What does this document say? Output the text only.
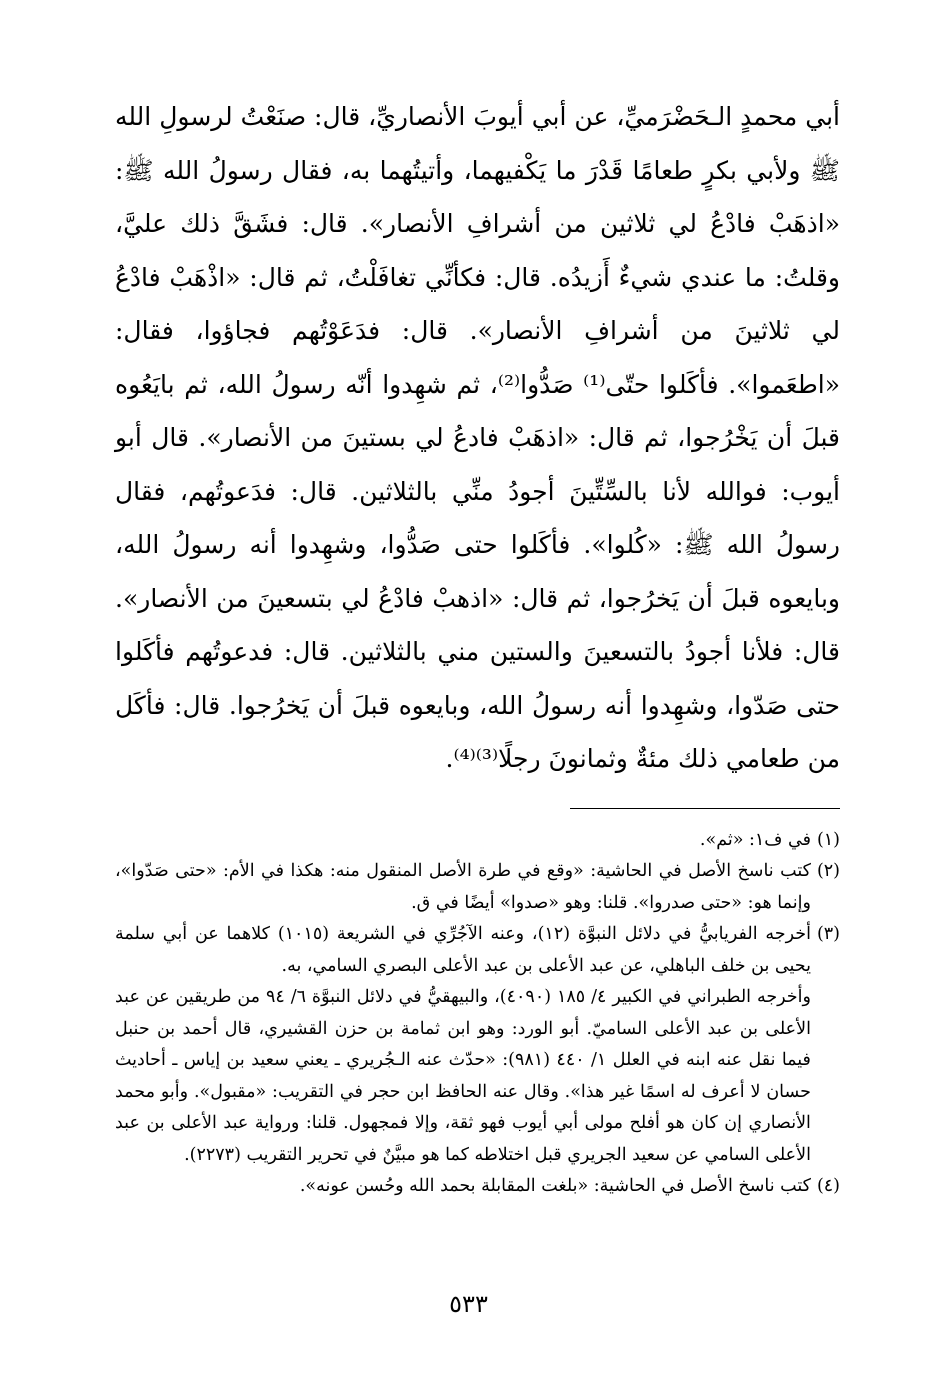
أبي محمدٍ الـحَضْرَميِّ، عن أبي أيوبَ الأنصاريِّ، قال: صنَعْتُ لرسولِ الله ﷺ ولأبي بكرٍ طعامًا قَدْرَ ما يَكْفيهما، وأتيتُهما به، فقال رسولُ الله ﷺ: «اذهَبْ فادْعُ لي ثلاثين من أشرافِ الأنصار». قال: فشَقَّ ذلك عليَّ، وقلتُ: ما عندي شيءٌ أَزيدُه. قال: فكأنِّي تغافَلْتُ، ثم قال: «اذْهَبْ فادْعُ لي ثلاثينَ من أشرافِ الأنصار». قال: فدَعَوْتُهم فجاؤوا، فقال: «اطعَموا». فأكَلوا حتّى⁽¹⁾ صَدُّوا⁽²⁾، ثم شهِدوا أنّه رسولُ الله، ثم بايَعُوه قبلَ أن يَخْرُجوا، ثم قال: «اذهَبْ فادعُ لي بستينَ من الأنصار». قال أبو أيوب: فوالله لأنا بالسِّتِّينَ أجودُ منِّي بالثلاثين. قال: فدَعوتُهم، فقال رسولُ الله ﷺ: «كُلوا». فأكَلوا حتى صَدُّوا، وشهِدوا أنه رسولُ الله، وبايعوه قبلَ أن يَخرُجوا، ثم قال: «اذهبْ فادْعُ لي بتسعينَ من الأنصار». قال: فلأنا أجودُ بالتسعينَ والستين مني بالثلاثين. قال: فدعوتُهم فأكَلوا حتى صَدّوا، وشهِدوا أنه رسولُ الله، وبايعوه قبلَ أن يَخرُجوا. قال: فأكَل من طعامي ذلك مئةٌ وثمانونَ رجلًا⁽³⁾⁽⁴⁾.

(١)

في ف١: «ثم».

(٢)

كتب ناسخ الأصل في الحاشية: «وقع في طرة الأصل المنقول منه: هكذا في الأم: «حتى صَدّوا»، وإنما هو: «حتى صدروا». قلنا: وهو «صدوا» أيضًا في ق.

(٣)

أخرجه الفريابيُّ في دلائل النبوَّة (١٢)، وعنه الآجُرِّي في الشريعة (١٠١٥) كلاهما عن أبي سلمة يحيى بن خلف الباهلي، عن عبد الأعلى بن عبد الأعلى البصري السامي، به.

وأخرجه الطبراني في الكبير ٤/ ١٨٥ (٤٠٩٠)، والبيهقيُّ في دلائل النبوَّة ٦/ ٩٤ من طريقين عن عبد الأعلى بن عبد الأعلى الساميّ. أبو الورد: وهو ابن ثمامة بن حزن القشيري، قال أحمد بن حنبل فيما نقل عنه ابنه في العلل ١/ ٤٤٠ (٩٨١): «حدّث عنه الـجُريري ـ يعني سعيد بن إياس ـ أحاديث حسان لا أعرف له اسمًا غير هذا». وقال عنه الحافظ ابن حجر في التقريب: «مقبول». وأبو محمد الأنصاري إن كان هو أفلح مولى أبي أيوب فهو ثقة، وإلا فمجهول. قلنا: ورواية عبد الأعلى بن عبد الأعلى السامي عن سعيد الجريري قبل اختلاطه كما هو مبيَّنٌ في تحرير التقريب (٢٢٧٣).

(٤)

كتب ناسخ الأصل في الحاشية: «بلغت المقابلة بحمد الله وحُسن عونه».

٥٣٣
